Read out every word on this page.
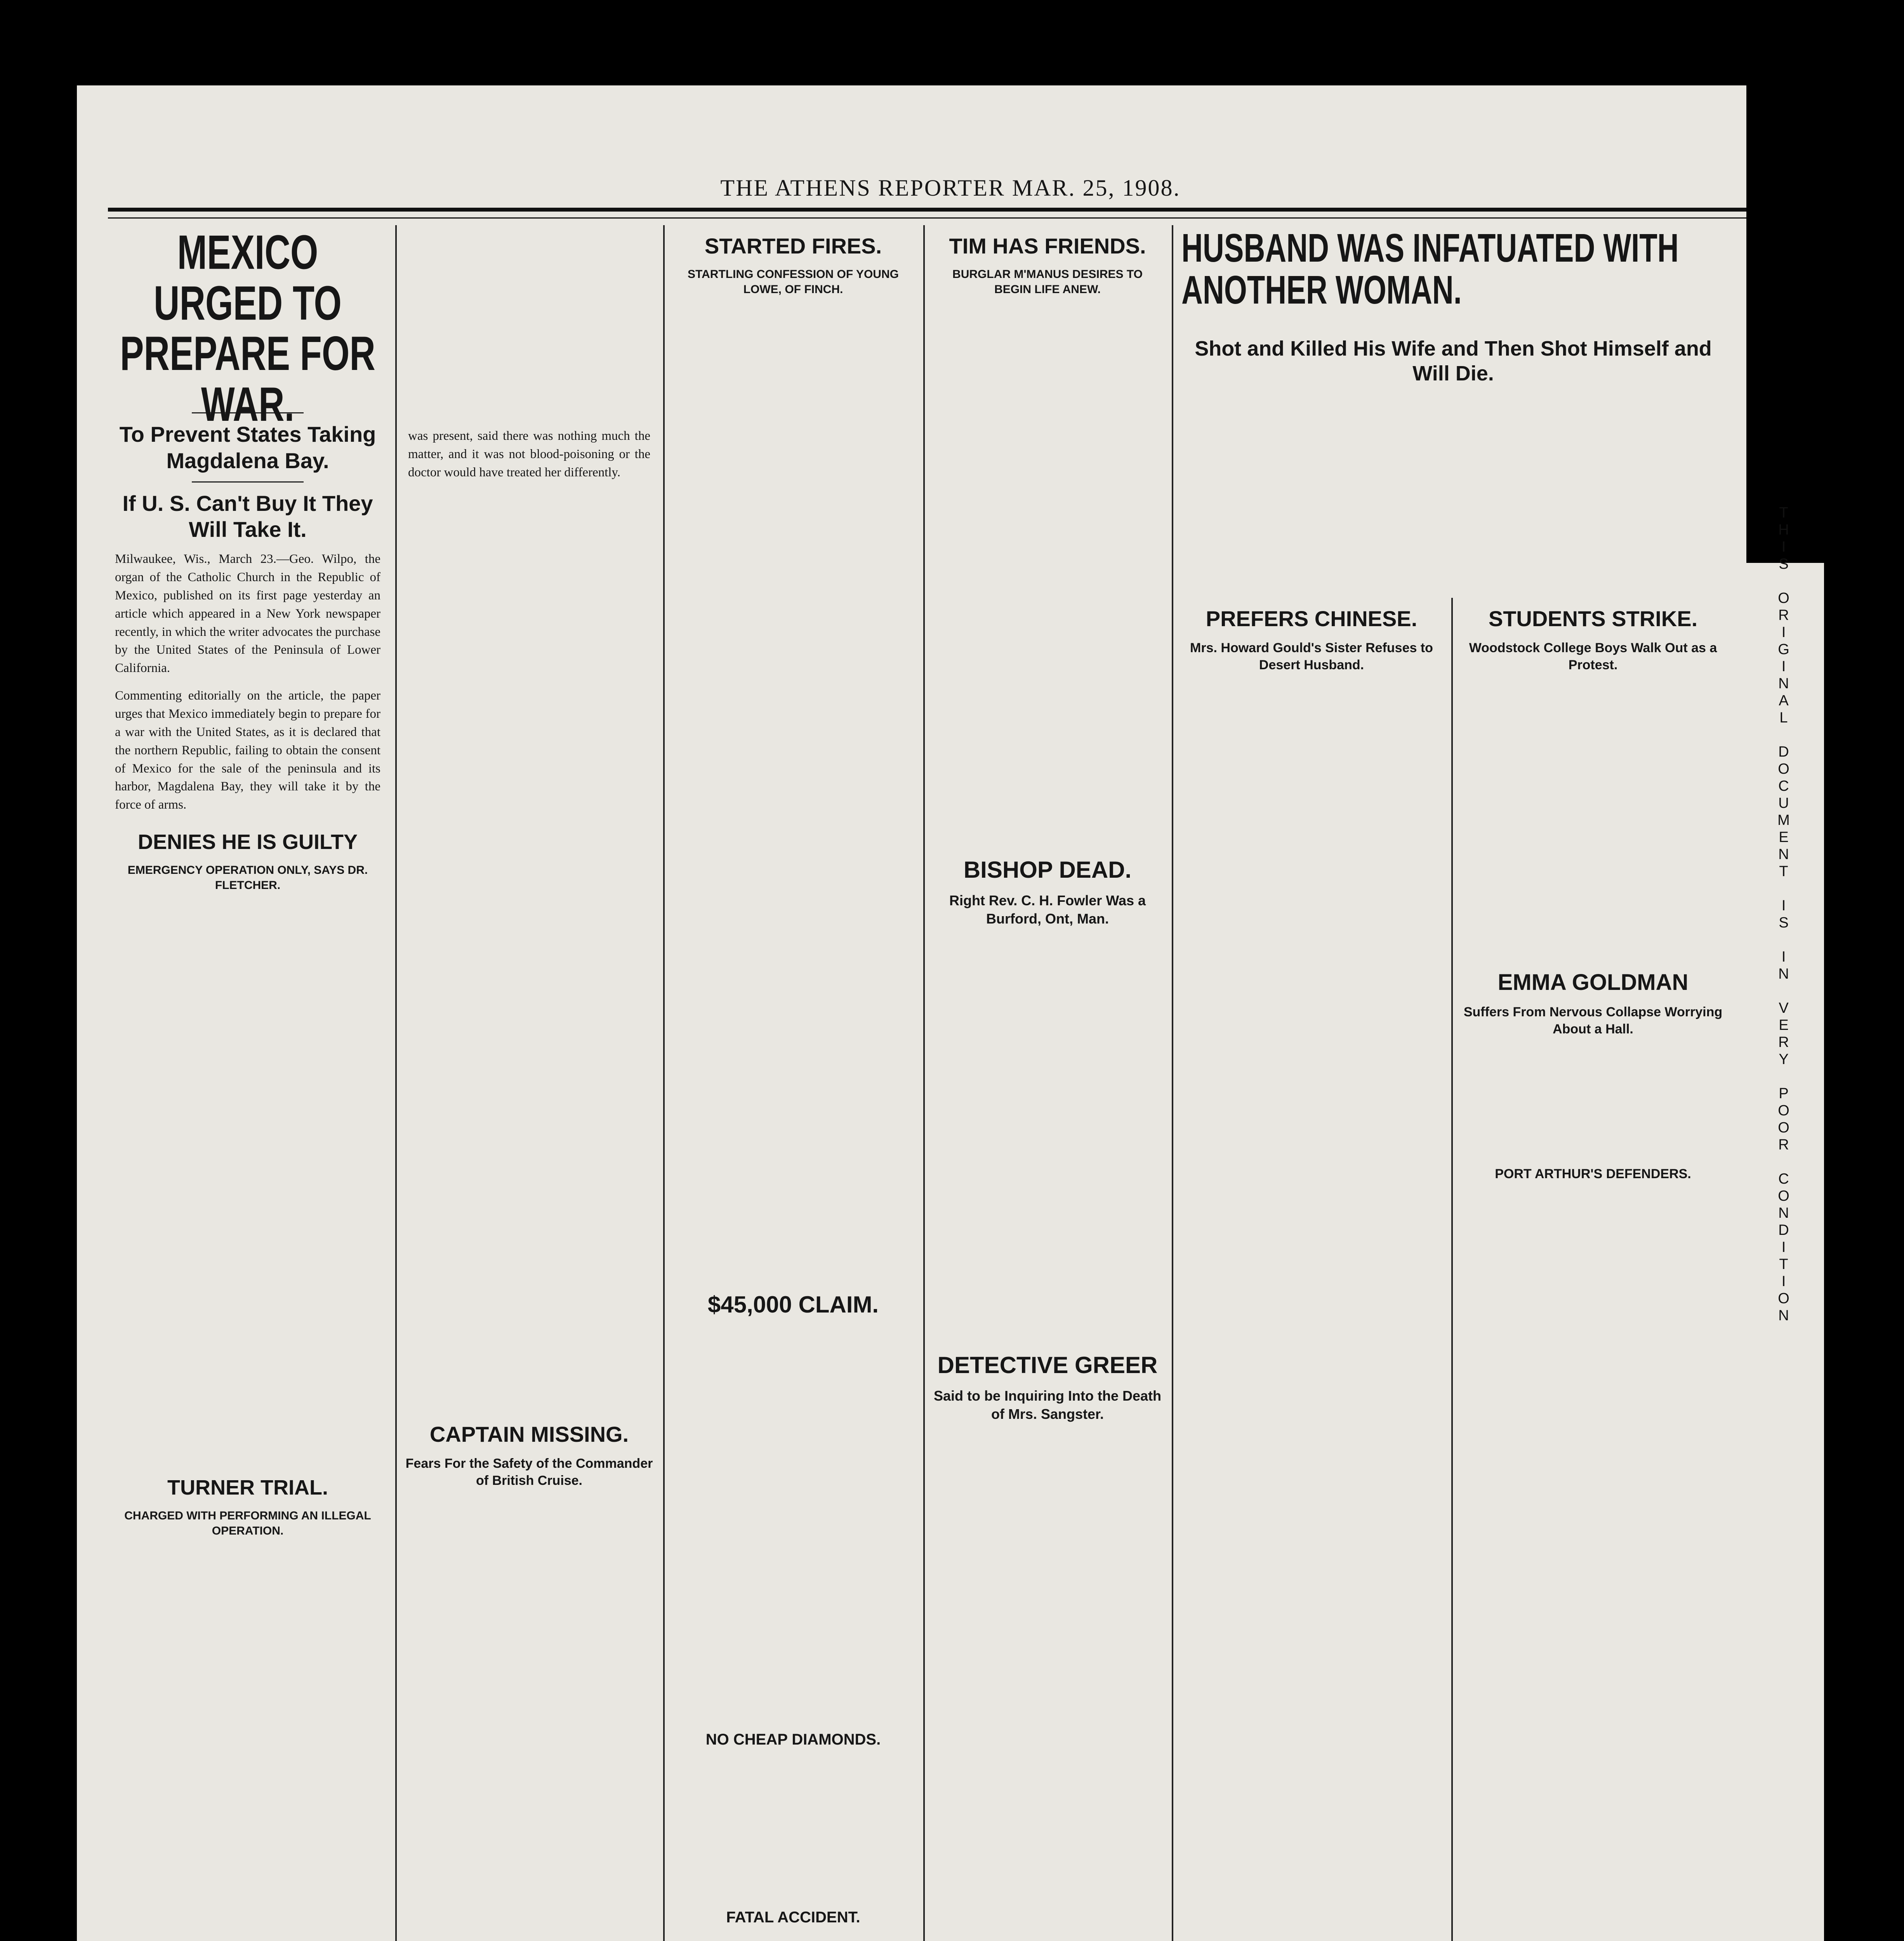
THE ATHENS REPORTER MAR. 25, 1908.
MEXICO URGED TO PREPARE FOR WAR.
To Prevent States Taking Magdalena Bay.
If U. S. Can't Buy It They Will Take It.

Milwaukee, Wis., March 23.—Geo. Wilpo, the organ of the Catholic Church in the Republic of Mexico, published on its first page yesterday an article which appeared in a New York newspaper recently, in which the writer advocates the purchase by the United States of the Peninsula of Lower California.

Commenting editorially on the article, the paper urges that Mexico immediately begin to prepare for a war with the United States, as it is declared that the northern Republic, failing to obtain the consent of Mexico for the sale of the peninsula and its harbor, Magdalena Bay, they will take it by the force of arms.

DENIES HE IS GUILTY
EMERGENCY OPERATION ONLY, SAYS DR. FLETCHER.
TURNER TRIAL.
CHARGED WITH PERFORMING AN ILLEGAL OPERATION.

was present, said there was nothing much the matter, and it was not blood-poisoning or the doctor would have treated her differently.

CAPTAIN MISSING.
Fears For the Safety of the Commander of British Cruise.
STARTED FIRES.
STARTLING CONFESSION OF YOUNG LOWE, OF FINCH.
$45,000 CLAIM.
NO CHEAP DIAMONDS.
FATAL ACCIDENT.
TIM HAS FRIENDS.
BURGLAR M'MANUS DESIRES TO BEGIN LIFE ANEW.
BISHOP DEAD.
Right Rev. C. H. Fowler Was a Burford, Ont, Man.
DETECTIVE GREER
Said to be Inquiring Into the Death of Mrs. Sangster.
HUSBAND WAS INFATUATED WITH ANOTHER WOMAN.
Shot and Killed His Wife and Then Shot Himself and Will Die.
PREFERS CHINESE.
Mrs. Howard Gould's Sister Refuses to Desert Husband.
STUDENTS STRIKE.
Woodstock College Boys Walk Out as a Protest.
EMMA GOLDMAN
Suffers From Nervous Collapse Worrying About a Hall.
PORT ARTHUR'S DEFENDERS.	THIS ORIGINAL DOCUMENT IS IN VERY POOR CONDITION
